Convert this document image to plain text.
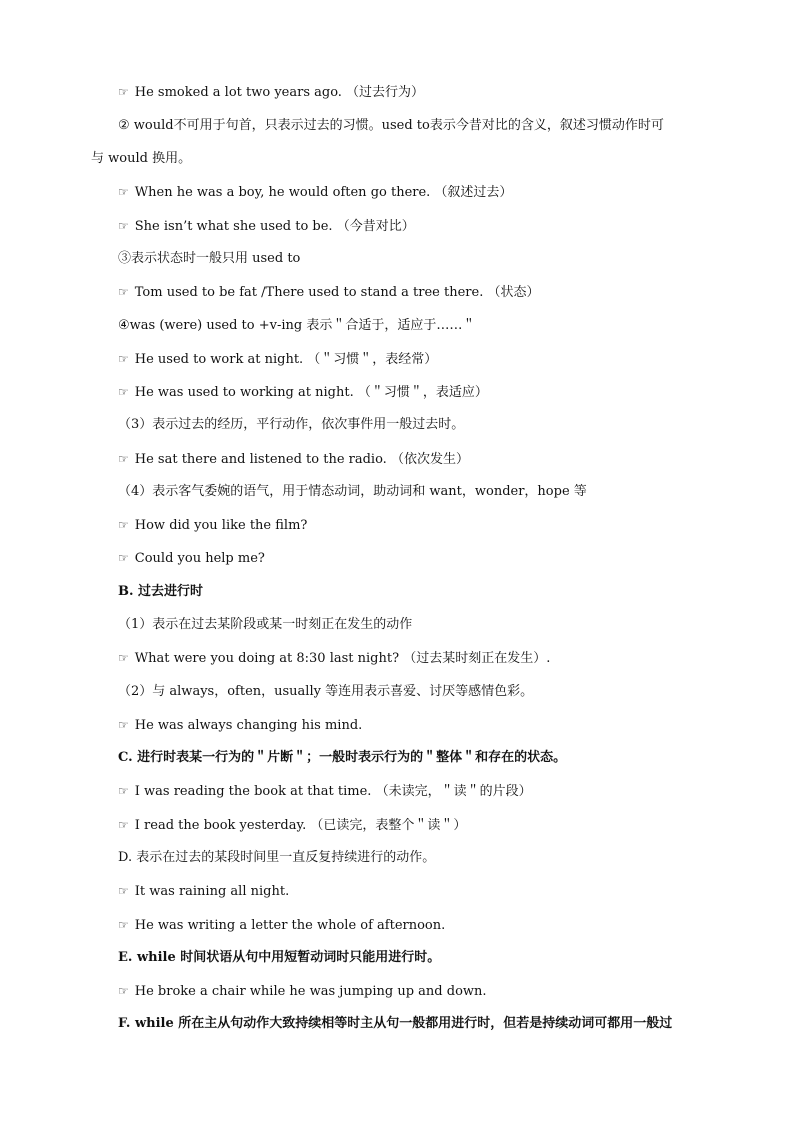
☞ He smoked a lot two years ago. （过去行为）
② would不可用于句首，只表示过去的习惯。used to表示今昔对比的含义，叙述习惯动作时可
与 would 换用。
☞ When he was a boy, he would often go there. （叙述过去）
☞ She isn’t what she used to be. （今昔对比）
③表示状态时一般只用 used to
☞ Tom used to be fat /There used to stand a tree there. （状态）
④was (were) used to +v-ing 表示＂合适于，适应于……＂
☞ He used to work at night. （＂习惯＂，表经常）
☞ He was used to working at night. （＂习惯＂，表适应）
（3）表示过去的经历，平行动作，依次事件用一般过去时。
☞ He sat there and listened to the radio. （依次发生）
（4）表示客气委婉的语气，用于情态动词，助动词和 want，wonder，hope 等
☞ How did you like the film?
☞ Could you help me?
B. 过去进行时
（1）表示在过去某阶段或某一时刻正在发生的动作
☞ What were you doing at 8:30 last night? （过去某时刻正在发生）.
（2）与 always，often，usually 等连用表示喜爱、讨厌等感情色彩。
☞ He was always changing his mind.
C. 进行时表某一行为的＂片断＂；一般时表示行为的＂整体＂和存在的状态。
☞ I was reading the book at that time. （未读完，＂读＂的片段）
☞ I read the book yesterday. （已读完，表整个＂读＂）
D. 表示在过去的某段时间里一直反复持续进行的动作。
☞ It was raining all night.
☞ He was writing a letter the whole of afternoon.
E. while 时间状语从句中用短暂动词时只能用进行时。
☞ He broke a chair while he was jumping up and down.
F. while 所在主从句动作大致持续相等时主从句一般都用进行时，但若是持续动词可都用一般过
